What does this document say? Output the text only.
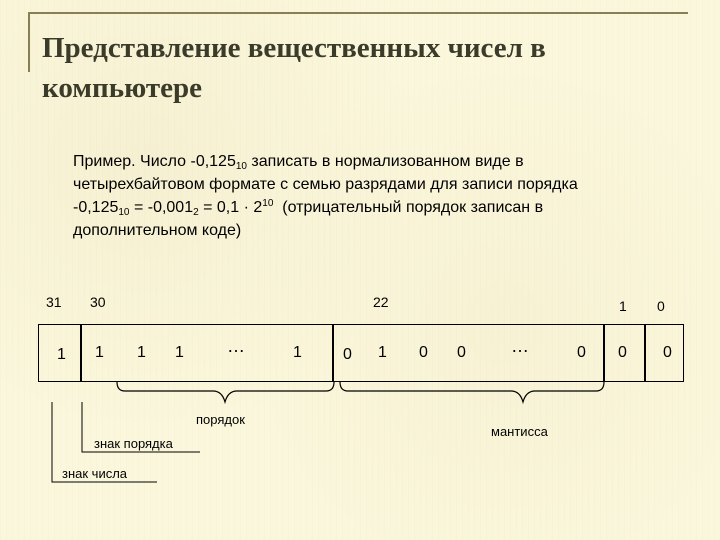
Представление вещественных чисел в компьютере
Пример. Число $-0,125_{10}$ записать в нормализованном виде в
четырехбайтовом формате с семью разрядами для записи порядка
$-0,125_{10} = -0,001_2 = 0,1 \cdot 2^{10}$  (отрицательный порядок записан в
дополнительном коде)
31 30	22	1 0
1 1 1 1 …	1	0 1 0 0	…	0 0 0
порядок
знак порядка
знак числа
мантисса
